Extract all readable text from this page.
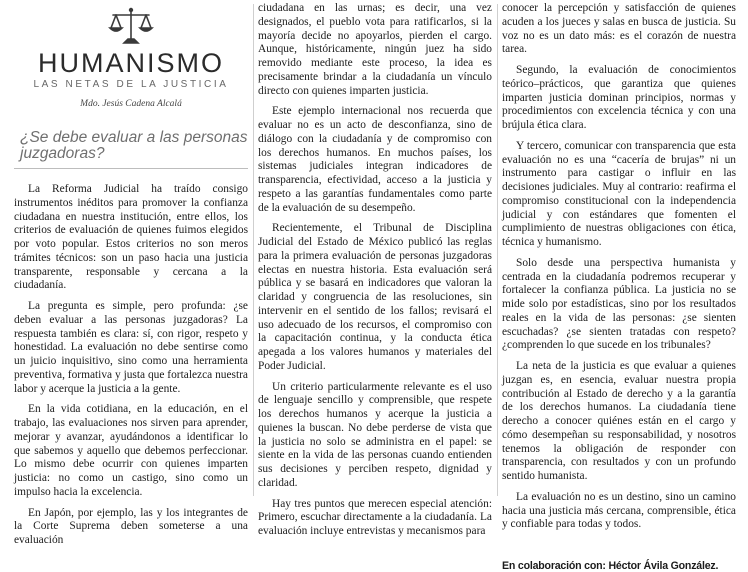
HUMANISMO
LAS NETAS DE LA JUSTICIA
Mdo. Jesús Cadena Alcalá
¿Se debe evaluar a las personas juzgadoras?

La Reforma Judicial ha traído consigo instrumentos inéditos para promover la confianza ciudadana en nuestra institución, entre ellos, los criterios de evaluación de quienes fuimos elegidos por voto popular. Estos criterios no son meros trámites técnicos: son un paso hacia una justicia transparente, responsable y cercana a la ciudadanía.

La pregunta es simple, pero profunda: ¿se deben evaluar a las personas juzgadoras? La respuesta también es clara: sí, con rigor, respeto y honestidad. La evaluación no debe sentirse como un juicio inquisitivo, sino como una herramienta preventiva, formativa y justa que fortalezca nuestra labor y acerque la justicia a la gente.

En la vida cotidiana, en la educación, en el trabajo, las evaluaciones nos sirven para aprender, mejorar y avanzar, ayudándonos a identificar lo que sabemos y aquello que debemos perfeccionar. Lo mismo debe ocurrir con quienes imparten justicia: no como un castigo, sino como un impulso hacia la excelencia.

En Japón, por ejemplo, las y los integrantes de la Corte Suprema deben someterse a una evaluación

ciudadana en las urnas; es decir, una vez designados, el pueblo vota para ratificarlos, si la mayoría decide no apoyarlos, pierden el cargo. Aunque, históricamente, ningún juez ha sido removido mediante este proceso, la idea es precisamente brindar a la ciudadanía un vínculo directo con quienes imparten justicia.

Este ejemplo internacional nos recuerda que evaluar no es un acto de desconfianza, sino de diálogo con la ciudadanía y de compromiso con los derechos humanos. En muchos países, los sistemas judiciales integran indicadores de transparencia, efectividad, acceso a la justicia y respeto a las garantías fundamentales como parte de la evaluación de su desempeño.

Recientemente, el Tribunal de Disciplina Judicial del Estado de México publicó las reglas para la primera evaluación de personas juzgadoras electas en nuestra historia. Esta evaluación será pública y se basará en indicadores que valoran la claridad y congruencia de las resoluciones, sin intervenir en el sentido de los fallos; revisará el uso adecuado de los recursos, el compromiso con la capacitación continua, y la conducta ética apegada a los valores humanos y materiales del Poder Judicial.

Un criterio particularmente relevante es el uso de lenguaje sencillo y comprensible, que respete los derechos humanos y acerque la justicia a quienes la buscan. No debe perderse de vista que la justicia no solo se administra en el papel: se siente en la vida de las personas cuando entienden sus decisiones y perciben respeto, dignidad y claridad.

Hay tres puntos que merecen especial atención: Primero, escuchar directamente a la ciudadanía. La evaluación incluye entrevistas y mecanismos para

conocer la percepción y satisfacción de quienes acuden a los jueces y salas en busca de justicia. Su voz no es un dato más: es el corazón de nuestra tarea.

Segundo, la evaluación de conocimientos teórico–prácticos, que garantiza que quienes imparten justicia dominan principios, normas y procedimientos con excelencia técnica y con una brújula ética clara.

Y tercero, comunicar con transparencia que esta evaluación no es una “cacería de brujas” ni un instrumento para castigar o influir en las decisiones judiciales. Muy al contrario: reafirma el compromiso constitucional con la independencia judicial y con estándares que fomenten el cumplimiento de nuestras obligaciones con ética, técnica y humanismo.

Solo desde una perspectiva humanista y centrada en la ciudadanía podremos recuperar y fortalecer la confianza pública. La justicia no se mide solo por estadísticas, sino por los resultados reales en la vida de las personas: ¿se sienten escuchadas? ¿se sienten tratadas con respeto? ¿comprenden lo que sucede en los tribunales?

La neta de la justicia es que evaluar a quienes juzgan es, en esencia, evaluar nuestra propia contribución al Estado de derecho y a la garantía de los derechos humanos. La ciudadanía tiene derecho a conocer quiénes están en el cargo y cómo desempeñan su responsabilidad, y nosotros tenemos la obligación de responder con transparencia, con resultados y con un profundo sentido humanista.

La evaluación no es un destino, sino un camino hacia una justicia más cercana, comprensible, ética y confiable para todas y todos.

En colaboración con: Héctor Ávila González.
